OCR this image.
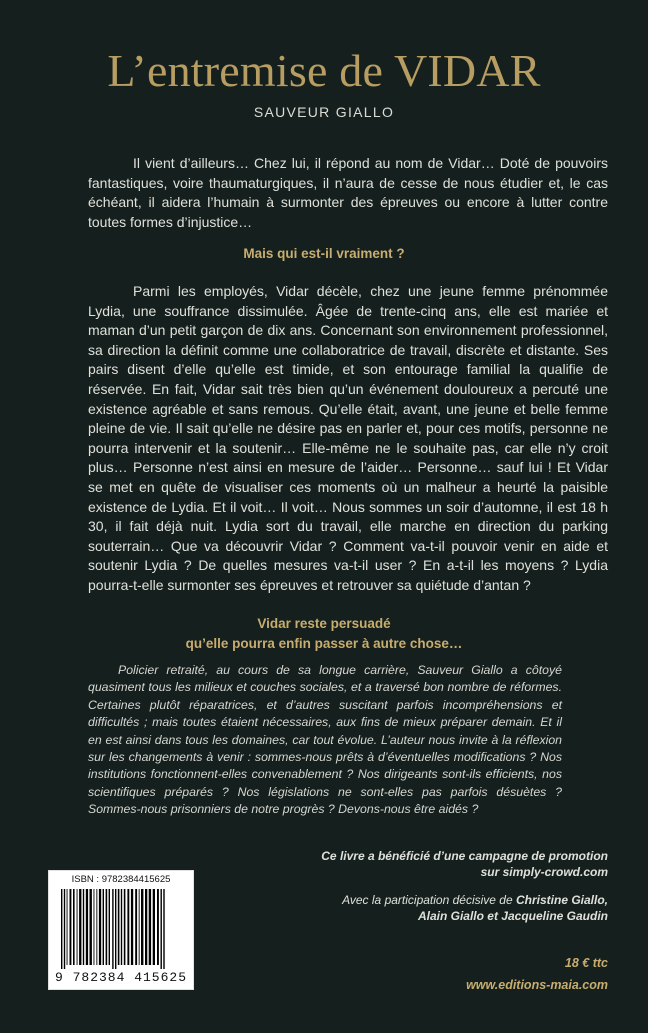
L’entremise de VIDAR
SAUVEUR GIALLO

Il vient d’ailleurs… Chez lui, il répond au nom de Vidar… Doté de pouvoirs fantastiques, voire thaumaturgiques, il n’aura de cesse de nous étudier et, le cas échéant, il aidera l’humain à surmonter des épreuves ou encore à lutter contre toutes formes d’injustice…

Mais qui est-il vraiment ?

Parmi les employés, Vidar décèle, chez une jeune femme prénommée Lydia, une souffrance dissimulée. Âgée de trente-cinq ans, elle est mariée et maman d’un petit garçon de dix ans. Concernant son environnement professionnel, sa direction la définit comme une collaboratrice de travail, discrète et distante. Ses pairs disent d’elle qu’elle est timide, et son entourage familial la qualifie de réservée. En fait, Vidar sait très bien qu’un événement douloureux a percuté une existence agréable et sans remous. Qu’elle était, avant, une jeune et belle femme pleine de vie. Il sait qu’elle ne désire pas en parler et, pour ces motifs, personne ne pourra intervenir et la soutenir… Elle-même ne le souhaite pas, car elle n’y croit plus… Personne n’est ainsi en mesure de l’aider… Personne… sauf lui ! Et Vidar se met en quête de visualiser ces moments où un malheur a heurté la paisible existence de Lydia. Et il voit… Il voit… Nous sommes un soir d’automne, il est 18 h 30, il fait déjà nuit. Lydia sort du travail, elle marche en direction du parking souterrain… Que va découvrir Vidar ? Comment va-t-il pouvoir venir en aide et soutenir Lydia ? De quelles mesures va-t-il user ? En a-t-il les moyens ? Lydia pourra-t-elle surmonter ses épreuves et retrouver sa quiétude d’antan ?

Vidar reste persuadé
qu’elle pourra enfin passer à autre chose…

Policier retraité, au cours de sa longue carrière, Sauveur Giallo a côtoyé quasiment tous les milieux et couches sociales, et a traversé bon nombre de réformes. Certaines plutôt réparatrices, et d’autres suscitant parfois incompréhensions et difficultés ; mais toutes étaient nécessaires, aux fins de mieux préparer demain. Et il en est ainsi dans tous les domaines, car tout évolue. L’auteur nous invite à la réflexion sur les changements à venir : sommes-nous prêts à d’éventuelles modifications ? Nos institutions fonctionnent-elles convenablement ? Nos dirigeants sont-ils efficients, nos scientifiques préparés ? Nos législations ne sont-elles pas parfois désuètes ? Sommes-nous prisonniers de notre progrès ? Devons-nous être aidés ?

ISBN : 9782384415625
9 782384 415625
Ce livre a bénéficié d’une campagne de promotion
sur simply-crowd.com
Avec la participation décisive de Christine Giallo,
Alain Giallo et Jacqueline Gaudin
18 € ttc
www.editions-maia.com
